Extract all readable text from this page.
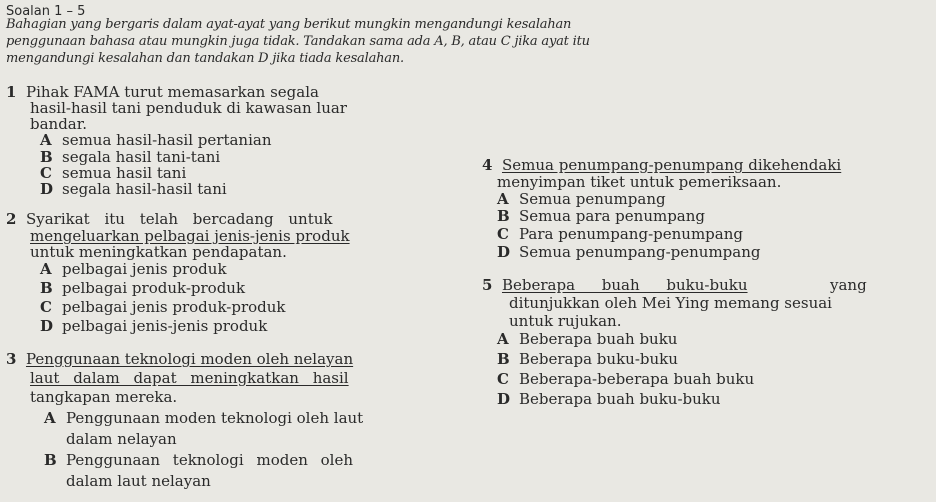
Soalan 1 – 5
Bahagian yang bergaris dalam ayat-ayat yang berikut mungkin mengandungi kesalahan
penggunaan bahasa atau mungkin juga tidak. Tandakan sama ada A, B, atau C jika ayat itu
mengandungi kesalahan dan tandakan D jika tiada kesalahan.
1 Pihak FAMA turut memasarkan segala
hasil-hasil tani penduduk di kawasan luar
bandar.
A semua hasil-hasil pertanian
B segala hasil tani-tani
C semua hasil tani
D segala hasil-hasil tani
2 Syarikat itu telah bercadang untuk
mengeluarkan pelbagai jenis-jenis produk
untuk meningkatkan pendapatan.
A pelbagai jenis produk
B pelbagai produk-produk
C pelbagai jenis produk-produk
D pelbagai jenis-jenis produk
3 Penggunaan teknologi moden oleh nelayan
laut dalam dapat meningkatkan hasil
tangkapan mereka.
A Penggunaan moden teknologi oleh laut
dalam nelayan
B Penggunaan teknologi moden oleh
dalam laut nelayan
4 Semua penumpang-penumpang dikehendaki
menyimpan tiket untuk pemeriksaan.
A Semua penumpang
B Semua para penumpang
C Para penumpang-penumpang
D Semua penumpang-penumpang
5 Beberapa buah buku-buku	yang
ditunjukkan oleh Mei Ying memang sesuai
untuk rujukan.
A Beberapa buah buku
B Beberapa buku-buku
C Beberapa-beberapa buah buku
D Beberapa buah buku-buku
